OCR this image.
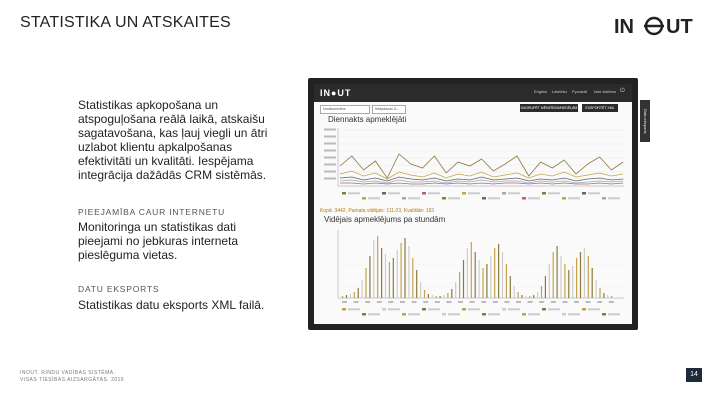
STATISTIKA UN ATSKAITES	IN UT

Statistikas apkopošana un atspoguļošana reālā laikā, atskaišu sagatavošana, kas ļauj viegli un ātri uzlabot klientu apkalpošanas efektivitāti un kvalitāti. Iespējama integrācija dažādās CRM sistēmās.

PIEEJAMĪBA CAUR INTERNETU

Monitoringa un statistikas dati pieejami no jebkuras interneta pieslēguma vietas.

DATU EKSPORTS

Statistikas datu eksports XML failā.

INOUT. RINDU VADĪBAS SISTĒMA.
VISAS TIESĪBAS AIZSARGĀTAS. 2016
14
Datu eksports
IN●UT	English Latviešu Русский Iziet sistēmu ⏻
Nodaļa/ekrāns	Iekāpšanas D...	SAGRUPĒT MĒNEŠIEM/NEDĒĻĀM	EKSPORTĒT XML
Diennakts apmeklējāti
Kopā: 3442, Pamata vidējais: 111.03, Kvalitāte: 193
Vidējais apmeklējums pa stundām
